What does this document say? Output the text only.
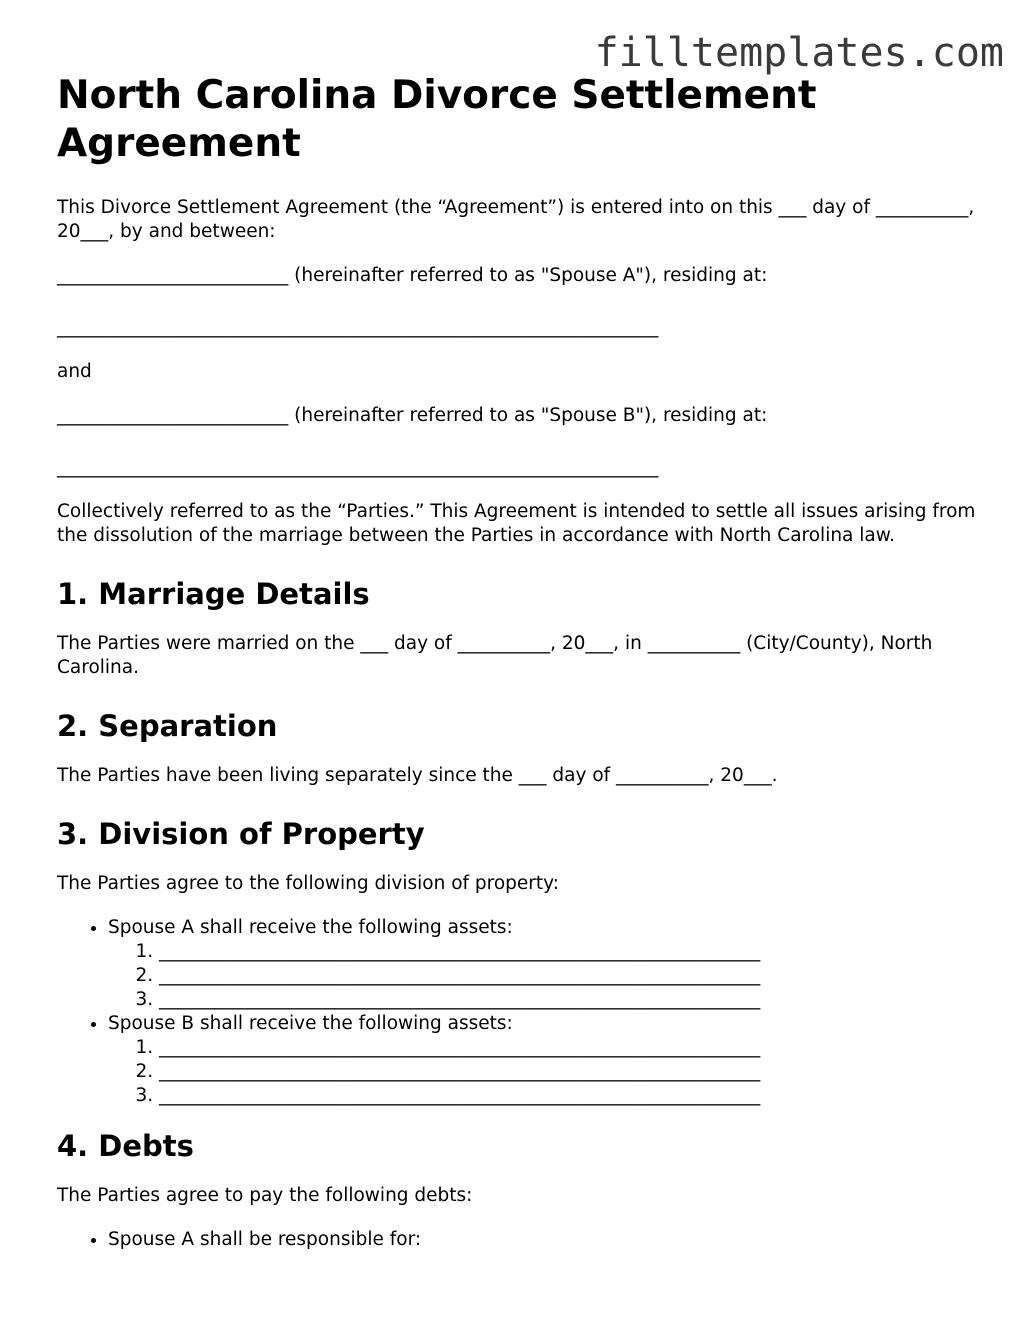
filltemplates.com
North Carolina Divorce Settlement Agreement

This Divorce Settlement Agreement (the “Agreement”) is entered into on this ___ day of __________, 20___, by and between:

_________________________ (hereinafter referred to as "Spouse A"), residing at:

_________________________________________________________________

and

_________________________ (hereinafter referred to as "Spouse B"), residing at:

_________________________________________________________________

Collectively referred to as the “Parties.” This Agreement is intended to settle all issues arising from the dissolution of the marriage between the Parties in accordance with North Carolina law.

1. Marriage Details

The Parties were married on the ___ day of __________, 20___, in __________ (City/County), North Carolina.

2. Separation

The Parties have been living separately since the ___ day of __________, 20___.

3. Division of Property

The Parties agree to the following division of property:

• Spouse A shall receive the following assets:
1. _________________________________________________________________
2. _________________________________________________________________
3. _________________________________________________________________
• Spouse B shall receive the following assets:
1. _________________________________________________________________
2. _________________________________________________________________
3. _________________________________________________________________
4. Debts

The Parties agree to pay the following debts:

• Spouse A shall be responsible for:
